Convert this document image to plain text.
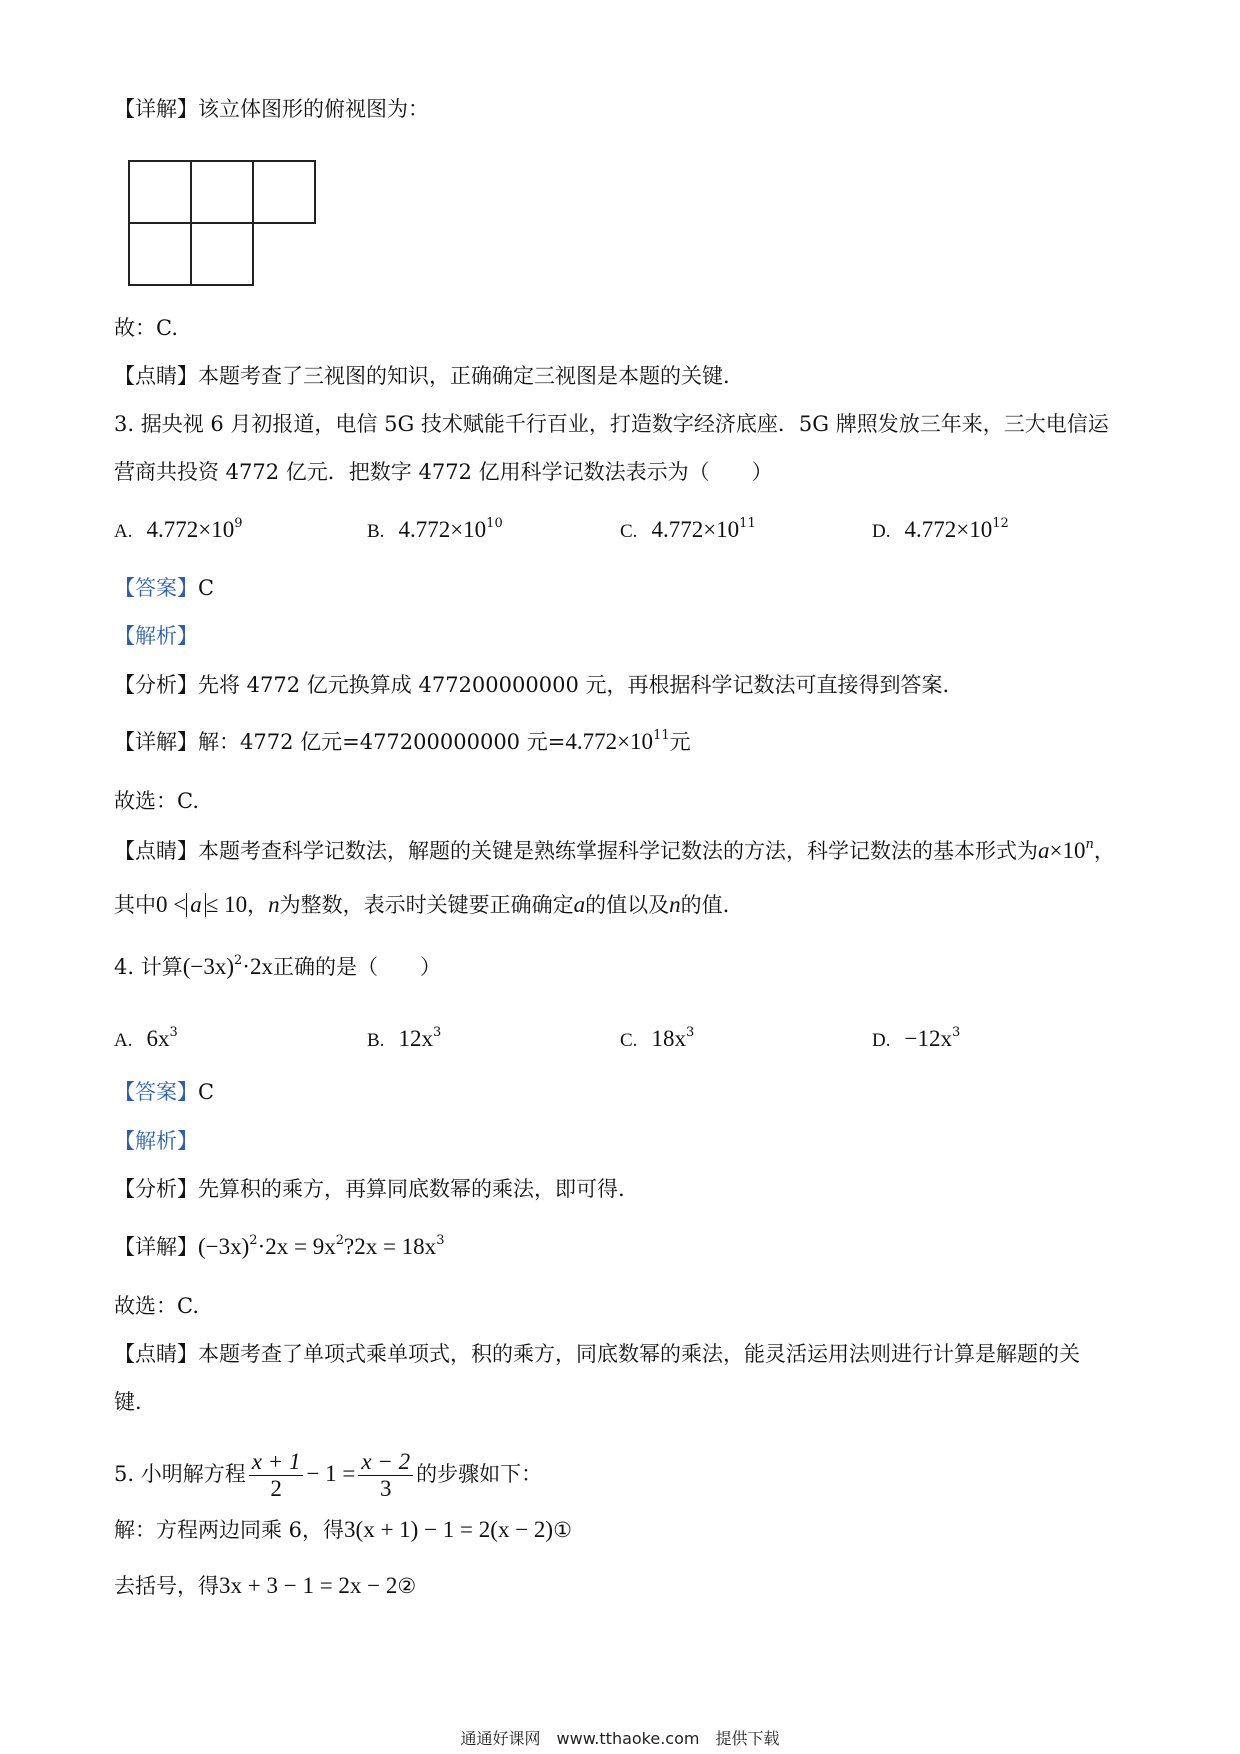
【详解】该立体图形的俯视图为：
故：C.
【点睛】本题考查了三视图的知识，正确确定三视图是本题的关键.
3. 据央视 6 月初报道，电信 5G 技术赋能千行百业，打造数字经济底座．5G 牌照发放三年来，三大电信运
营商共投资 4772 亿元．把数字 4772 亿用科学记数法表示为（　　）
A. $4.772\times 10^9$	B. $4.772\times 10^{10}$	C. $4.772\times 10^{11}$	D. $4.772\times 10^{12}$
【答案】C
【解析】
【分析】先将 4772 亿元换算成 477200000000 元，再根据科学记数法可直接得到答案.
【详解】解：4772 亿元=477200000000 元$=4.772\times 10^{11}$元
故选：C.
【点睛】本题考查科学记数法，解题的关键是熟练掌握科学记数法的方法，科学记数法的基本形式为$a\times 10^n$，
其中0 < a ≤ 10，n为整数，表示时关键要正确确定a的值以及n的值.
4. 计算$(-3x)^2\cdot 2x$正确的是（　　）
A. $6x^3$	B. $12x^3$	C. $18x^3$	D. $-12x^3$
【答案】C
【解析】
【分析】先算积的乘方，再算同底数幂的乘法，即可得.
【详解】$(-3x)^2\cdot 2x$ = $9x^2?2x = 18x^3$
故选：C.
【点睛】本题考查了单项式乘单项式，积的乘方，同底数幂的乘法，能灵活运用法则进行计算是解题的关
键.
5. 小明解方程 $\frac{x + 1}{2} - 1 = \frac{x - 2}{3}$ 的步骤如下：
解：方程两边同乘 6，得3(x + 1) − 1 = 2(x − 2)①
去括号，得3x + 3 − 1 = 2x − 2②
通通好课网　www.tthaoke.com　提供下载
